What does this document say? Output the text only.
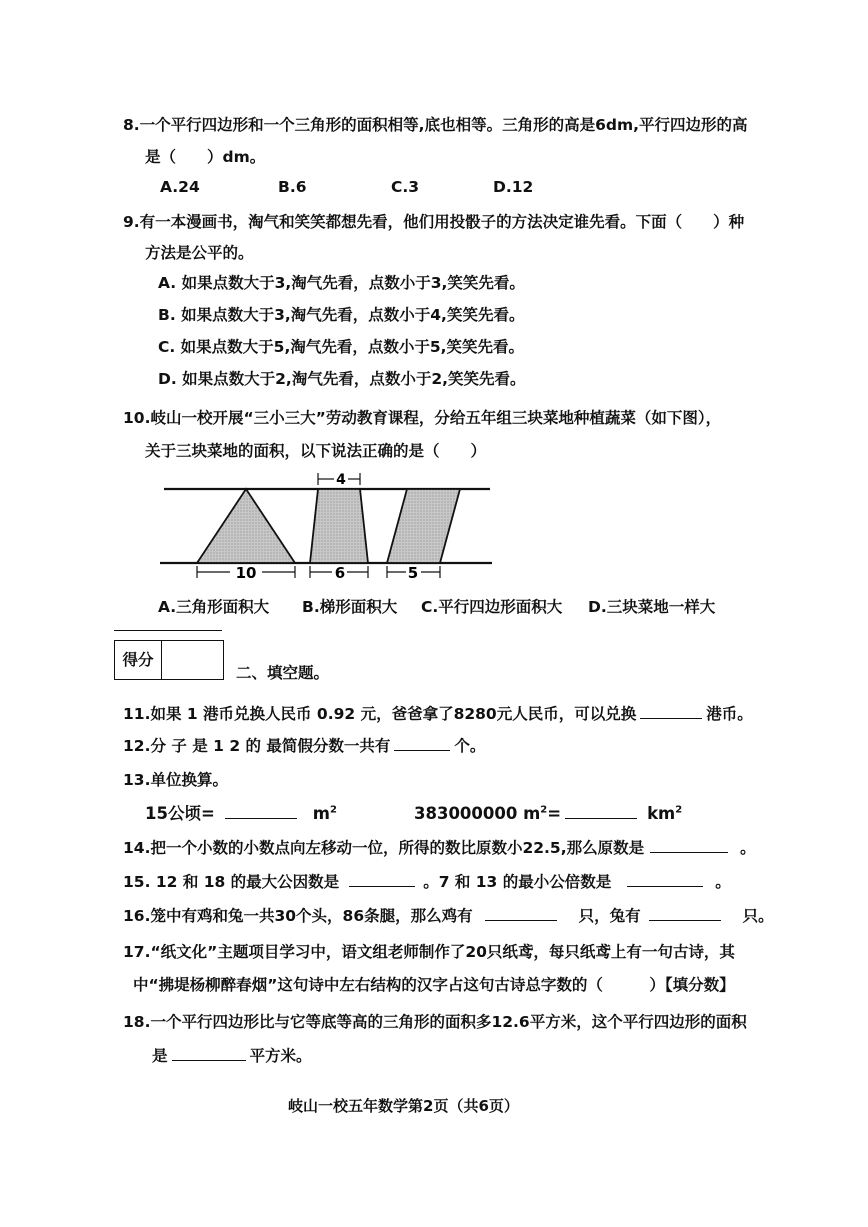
8.一个平行四边形和一个三角形的面积相等,底也相等。三角形的高是6dm,平行四边形的高
是（　　）dm。
A.24	B.6	C.3	D.12
9.有一本漫画书，淘气和笑笑都想先看，他们用投骰子的方法决定谁先看。下面（　　）种
方法是公平的。
A. 如果点数大于3,淘气先看，点数小于3,笑笑先看。
B. 如果点数大于3,淘气先看，点数小于4,笑笑先看。
C. 如果点数大于5,淘气先看，点数小于5,笑笑先看。
D. 如果点数大于2,淘气先看，点数小于2,笑笑先看。
10.岐山一校开展“三小三大”劳动教育课程，分给五年组三块菜地种植蔬菜（如下图），
关于三块菜地的面积，以下说法正确的是（　　）
4
10	6	5
A.三角形面积大 B.梯形面积大 C.平行四边形面积大 D.三块菜地一样大
得分
二、填空题。
11.如果 1 港币兑换人民币 0.92 元，爸爸拿了8280元人民币，可以兑换	港币。
12.分 子 是 1 2 的 最简假分数一共有	个。
13.单位换算。
15公顷=	$m^2$	383000000 $m^2=$	$km^2$
14.把一个小数的小数点向左移动一位，所得的数比原数小22.5,那么原数是	。
15. 12 和 18 的最大公因数是	。7 和 13 的最小公倍数是	。
16.笼中有鸡和兔一共30个头，86条腿，那么鸡有	只，兔有	只。
17.“纸文化”主题项目学习中，语文组老师制作了20只纸鸢，每只纸鸢上有一句古诗，其
中“拂堤杨柳醉春烟”这句诗中左右结构的汉字占这句古诗总字数的（　　　）【填分数】
18.一个平行四边形比与它等底等高的三角形的面积多12.6平方米，这个平行四边形的面积
是	平方米。
岐山一校五年数学第2页（共6页）
